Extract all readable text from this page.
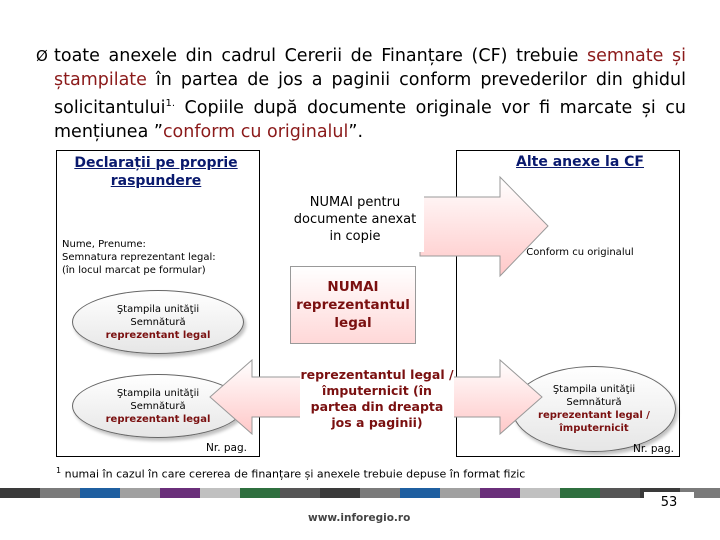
Ø toate anexele din cadrul Cererii de Finanțare (CF) trebuie semnate și ștampilate în partea de jos a paginii conform prevederilor din ghidul solicitantului$^{1.}$ Copiile după documente originale vor fi marcate și cu mențiunea ”conform cu originalul”.
Declarații pe proprie raspundere
Nume, Prenume:
Semnatura reprezentant legal:
(în locul marcat pe formular)
Ştampila unităţii
Semnătură
reprezentant legal
Ştampila unităţii
Semnătură
reprezentant legal
Nr. pag.
Alte anexe la CF
Conform cu originalul
Ştampila unităţii
Semnătură
reprezentant legal / împuternicit
Nr. pag.
NUMAI pentru documente anexat in copie
NUMAI reprezentantul legal
reprezentantul legal / împuternicit (în partea din dreapta jos a paginii)
$^1$ numai în cazul în care cererea de finanțare și anexele trebuie depuse în format fizic
53
www.inforegio.ro
